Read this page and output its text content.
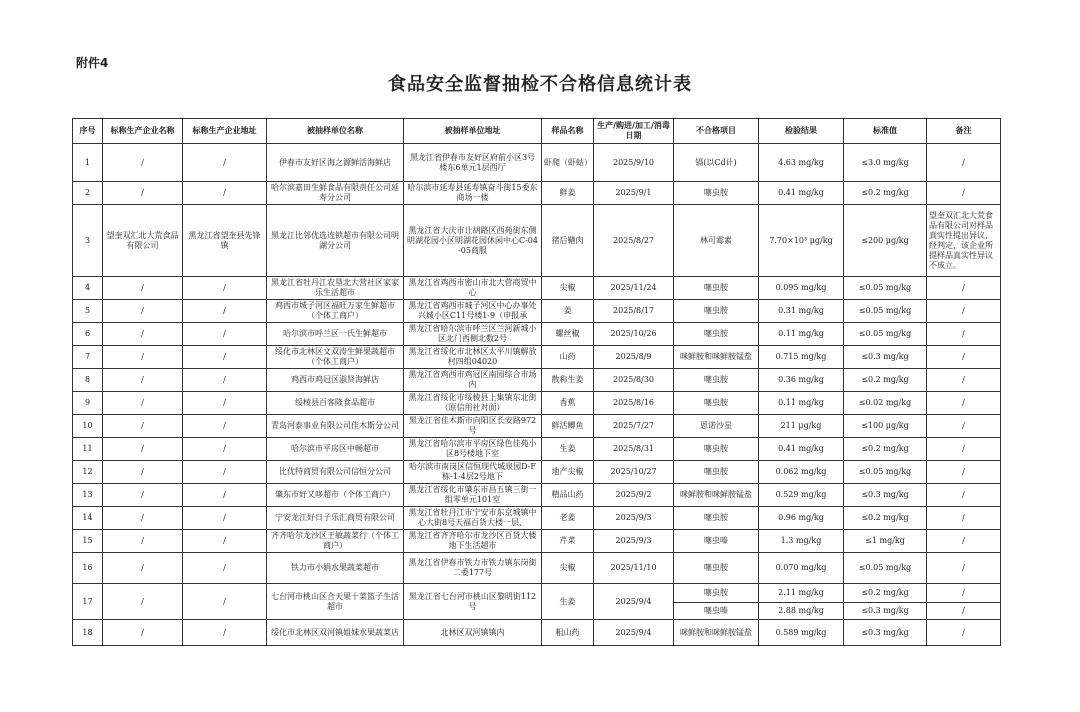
附件4
食品安全监督抽检不合格信息统计表
序号	标称生产企业名称	标称生产企业地址	被抽样单位名称	被抽样单位地址	样品名称	生产/购进/加工/消毒日期	不合格项目	检验结果	标准值	备注
1	/	/	伊春市友好区海之源鲜活海鲜店	黑龙江省伊春市友好区府前小区3号楼东6单元1层西厅	虾爬（虾蛄）	2025/9/10	镉(以Cd计)	4.63 mg/kg	≤3.0 mg/kg	/
2	/	/	哈尔滨嘉田生鲜食品有限责任公司延寿分公司	哈尔滨市延寿县延寿镇奋斗街15委东商场一楼	鲜姜	2025/9/1	噻虫胺	0.41 mg/kg	≤0.2 mg/kg	/
3	望奎双汇北大荒食品有限公司	黑龙江省望奎县先锋镇	黑龙江比邻优选连锁超市有限公司明湖分公司	黑龙江省大庆市让胡路区西苑街东侧明湖花园小区明湖花园休闲中心C-04-05商服	猪后鞧肉	2025/8/27	林可霉素	7.70×10³ μg/kg	≤200 μg/kg	望奎双汇北大荒食品有限公司对样品真实性提出异议，经判定，该企业所提样品真实性异议不成立。
4	/	/	黑龙江省牡丹江农垦北大营社区家家乐生活超市	黑龙江省鸡西市密山市北大营商贸中心	尖椒	2025/11/24	噻虫胺	0.095 mg/kg	≤0.05 mg/kg	/
5	/	/	鸡西市城子河区福旺万家生鲜超市（个体工商户）	黑龙江省鸡西市城子河区中心办事处兴城小区C11号楼1-9（申报承	姜	2025/8/17	噻虫胺	0.31 mg/kg	≤0.05 mg/kg	/
6	/	/	哈尔滨市呼兰区一氏生鲜超市	黑龙江省哈尔滨市呼兰区兰河新城小区北门西侧北数2号	螺丝椒	2025/10/26	噻虫胺	0.11 mg/kg	≤0.05 mg/kg	/
7	/	/	绥化市北林区文双涛生鲜果蔬超市（个体工商户）	黑龙江省绥化市北林区太平川镇解放村四组04020	山药	2025/8/9	咪鲜胺和咪鲜胺锰盐	0.715 mg/kg	≤0.3 mg/kg	/
8	/	/	鸡西市鸡冠区淑贤海鲜店	黑龙江省鸡西市鸡冠区南园综合市场内	散称生姜	2025/8/30	噻虫胺	0.36 mg/kg	≤0.2 mg/kg	/
9	/	/	绥棱县百客隆食品超市	黑龙江省绥化市绥棱县上集镇东北街（原信用社对面）	香蕉	2025/8/16	噻虫胺	0.11 mg/kg	≤0.02 mg/kg	/
10	/	/	青岛河泰事业有限公司佳木斯分公司	黑龙江省佳木斯市向阳区长安路972号	鲜活鲫鱼	2025/7/27	恩诺沙星	211 μg/kg	≤100 μg/kg	/
11	/	/	哈尔滨市平房区中畅超市	黑龙江省哈尔滨市平房区绿色佳苑小区8号楼地下室	生姜	2025/8/31	噻虫胺	0.41 mg/kg	≤0.2 mg/kg	/
12	/	/	比优特商贸有限公司信恒分公司	哈尔滨市南岗区信恒现代城泉园D-F栋-1-4层2号地下	地产尖椒	2025/10/27	噻虫胺	0.062 mg/kg	≤0.05 mg/kg	/
13	/	/	肇东市好又哆超市（个体工商户）	黑龙江省绥化市肇东市昌五镇三街一组零单元101室	精品山药	2025/9/2	咪鲜胺和咪鲜胺锰盐	0.529 mg/kg	≤0.3 mg/kg	/
14	/	/	宁安龙江好日子乐汇商贸有限公司	黑龙江省牡丹江市宁安市东京城镇中心大街8号天福百货大楼一层、	老姜	2025/9/3	噻虫胺	0.96 mg/kg	≤0.2 mg/kg	/
15	/	/	齐齐哈尔龙沙区王敏蔬菜行（个体工商户）	黑龙江省齐齐哈尔市龙沙区百货大楼地下生活超市	芹菜	2025/9/3	噻虫嗪	1.3 mg/kg	≤1 mg/kg	/
16	/	/	铁力市小娟水果蔬菜超市	黑龙江省伊春市铁力市铁力镇东岗街二委177号	尖椒	2025/11/10	噻虫胺	0.070 mg/kg	≤0.05 mg/kg	/
17	/	/	七台河市桃山区合天果十菜篮子生活超市	黑龙江省七台河市桃山区黎明街112号	生姜	2025/9/4	噻虫胺	2.11 mg/kg	≤0.2 mg/kg	/
							噻虫嗪	2.88 mg/kg	≤0.3 mg/kg	/
18	/	/	绥化市北林区双河镇姐妹水果蔬菜店	北林区双河镇镇内	粗山药	2025/9/4	咪鲜胺和咪鲜胺锰盐	0.589 mg/kg	≤0.3 mg/kg	/
